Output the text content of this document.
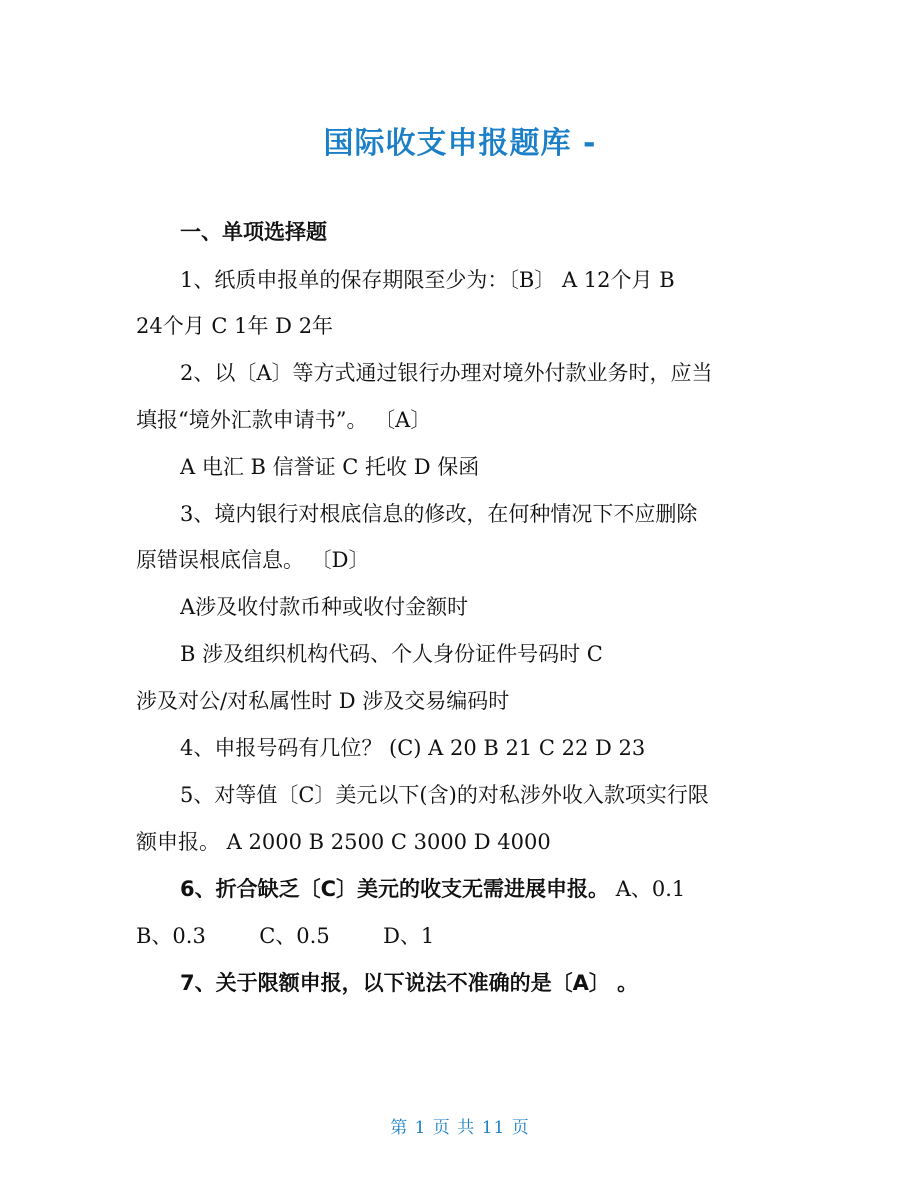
国际收支申报题库 -
一、单项选择题
1、纸质申报单的保存期限至少为：〔B〕 A 12个月 B
24个月 C 1年 D 2年
2、以〔A〕等方式通过银行办理对境外付款业务时，应当
填报“境外汇款申请书”。 〔A〕
A 电汇 B 信誉证 C 托收 D 保函
3、境内银行对根底信息的修改，在何种情况下不应删除
原错误根底信息。 〔D〕
A涉及收付款币种或收付金额时
B 涉及组织机构代码、个人身份证件号码时 C
涉及对公/对私属性时 D 涉及交易编码时
4、申报号码有几位？ (C) A 20 B 21 C 22 D 23
5、对等值〔C〕美元以下(含)的对私涉外收入款项实行限
额申报。 A 2000 B 2500 C 3000 D 4000
6、折合缺乏〔C〕美元的收支无需进展申报。 A、0.1
B、0.3        C、0.5        D、1
7、关于限额申报，以下说法不准确的是〔A〕 。
第 1 页 共 11 页
